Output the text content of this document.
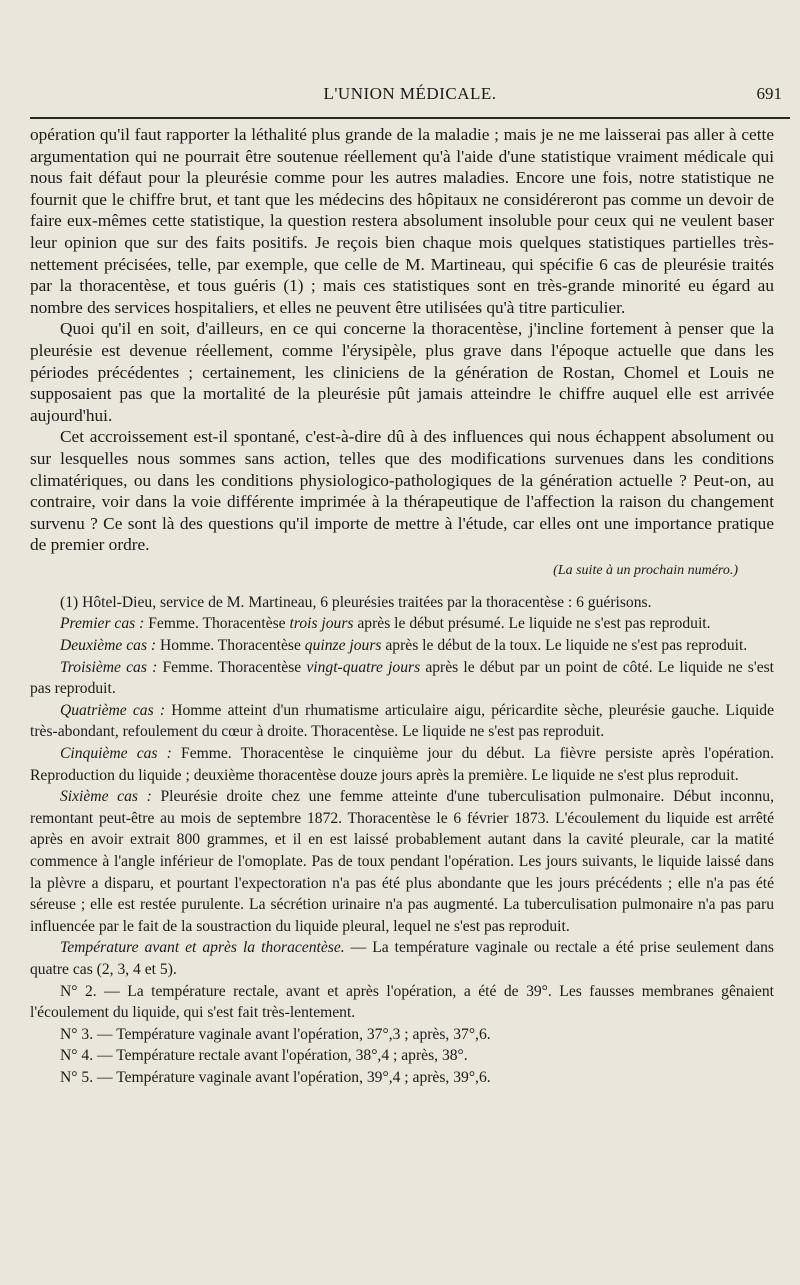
L'UNION MÉDICALE.	691

opération qu'il faut rapporter la léthalité plus grande de la maladie ; mais je ne me laisserai pas aller à cette argumentation qui ne pourrait être soutenue réellement qu'à l'aide d'une statistique vraiment médicale qui nous fait défaut pour la pleurésie comme pour les autres maladies. Encore une fois, notre statistique ne fournit que le chiffre brut, et tant que les médecins des hôpitaux ne considéreront pas comme un devoir de faire eux-mêmes cette statistique, la question restera absolument insoluble pour ceux qui ne veulent baser leur opinion que sur des faits positifs. Je reçois bien chaque mois quelques statistiques partielles très-nettement précisées, telle, par exemple, que celle de M. Martineau, qui spécifie 6 cas de pleurésie traités par la thoracentèse, et tous guéris (1) ; mais ces statistiques sont en très-grande minorité eu égard au nombre des services hospitaliers, et elles ne peuvent être utilisées qu'à titre particulier.

Quoi qu'il en soit, d'ailleurs, en ce qui concerne la thoracentèse, j'incline fortement à penser que la pleurésie est devenue réellement, comme l'érysipèle, plus grave dans l'époque actuelle que dans les périodes précédentes ; certainement, les cliniciens de la génération de Rostan, Chomel et Louis ne supposaient pas que la mortalité de la pleurésie pût jamais atteindre le chiffre auquel elle est arrivée aujourd'hui.

Cet accroissement est-il spontané, c'est-à-dire dû à des influences qui nous échappent absolument ou sur lesquelles nous sommes sans action, telles que des modifications survenues dans les conditions climatériques, ou dans les conditions physiologico-pathologiques de la génération actuelle ? Peut-on, au contraire, voir dans la voie différente imprimée à la thérapeutique de l'affection la raison du changement survenu ? Ce sont là des questions qu'il importe de mettre à l'étude, car elles ont une importance pratique de premier ordre.

(La suite à un prochain numéro.)

(1) Hôtel-Dieu, service de M. Martineau, 6 pleurésies traitées par la thoracentèse : 6 guérisons.

Premier cas : Femme. Thoracentèse trois jours après le début présumé. Le liquide ne s'est pas reproduit.

Deuxième cas : Homme. Thoracentèse quinze jours après le début de la toux. Le liquide ne s'est pas reproduit.

Troisième cas : Femme. Thoracentèse vingt-quatre jours après le début par un point de côté. Le liquide ne s'est pas reproduit.

Quatrième cas : Homme atteint d'un rhumatisme articulaire aigu, péricardite sèche, pleurésie gauche. Liquide très-abondant, refoulement du cœur à droite. Thoracentèse. Le liquide ne s'est pas reproduit.

Cinquième cas : Femme. Thoracentèse le cinquième jour du début. La fièvre persiste après l'opération. Reproduction du liquide ; deuxième thoracentèse douze jours après la première. Le liquide ne s'est plus reproduit.

Sixième cas : Pleurésie droite chez une femme atteinte d'une tuberculisation pulmonaire. Début inconnu, remontant peut-être au mois de septembre 1872. Thoracentèse le 6 février 1873. L'écoulement du liquide est arrêté après en avoir extrait 800 grammes, et il en est laissé probablement autant dans la cavité pleurale, car la matité commence à l'angle inférieur de l'omoplate. Pas de toux pendant l'opération. Les jours suivants, le liquide laissé dans la plèvre a disparu, et pourtant l'expectoration n'a pas été plus abondante que les jours précédents ; elle n'a pas été séreuse ; elle est restée purulente. La sécrétion urinaire n'a pas augmenté. La tuberculisation pulmonaire n'a pas paru influencée par le fait de la soustraction du liquide pleural, lequel ne s'est pas reproduit.

Température avant et après la thoracentèse. — La température vaginale ou rectale a été prise seulement dans quatre cas (2, 3, 4 et 5).

N° 2. — La température rectale, avant et après l'opération, a été de 39°. Les fausses membranes gênaient l'écoulement du liquide, qui s'est fait très-lentement.

N° 3. — Température vaginale avant l'opération, 37°,3 ; après, 37°,6.

N° 4. — Température rectale avant l'opération, 38°,4 ; après, 38°.

N° 5. — Température vaginale avant l'opération, 39°,4 ; après, 39°,6.
